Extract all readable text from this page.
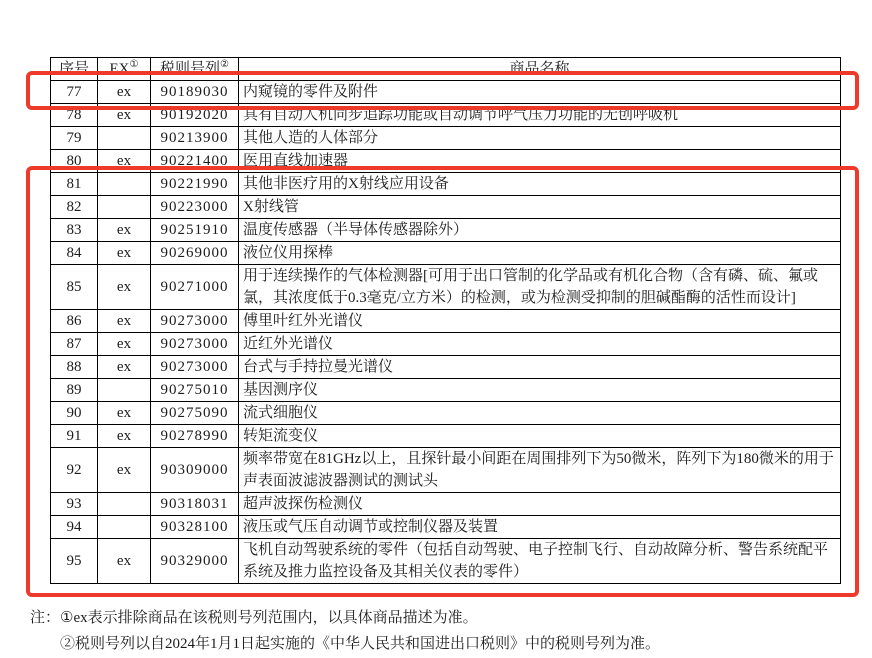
序号	EX①	税则号列②	商品名称
77	ex	90189030	内窥镜的零件及附件
78	ex	90192020	具有自动人机同步追踪功能或自动调节呼气压力功能的无创呼吸机
79		90213900	其他人造的人体部分
80	ex	90221400	医用直线加速器
81		90221990	其他非医疗用的X射线应用设备
82		90223000	X射线管
83	ex	90251910	温度传感器（半导体传感器除外）
84	ex	90269000	液位仪用探棒
85	ex	90271000	用于连续操作的气体检测器[可用于出口管制的化学品或有机化合物（含有磷、硫、氟或氯，其浓度低于0.3毫克/立方米）的检测，或为检测受抑制的胆碱酯酶的活性而设计]
86	ex	90273000	傅里叶红外光谱仪
87	ex	90273000	近红外光谱仪
88	ex	90273000	台式与手持拉曼光谱仪
89		90275010	基因测序仪
90	ex	90275090	流式细胞仪
91	ex	90278990	转矩流变仪
92	ex	90309000	频率带宽在81GHz以上，且探针最小间距在周围排列下为50微米，阵列下为180微米的用于声表面波滤波器测试的测试头
93		90318031	超声波探伤检测仪
94		90328100	液压或气压自动调节或控制仪器及装置
95	ex	90329000	飞机自动驾驶系统的零件（包括自动驾驶、电子控制飞行、自动故障分析、警告系统配平系统及推力监控设备及其相关仪表的零件）
注： ①ex表示排除商品在该税则号列范围内，以具体商品描述为准。
②税则号列以自2024年1月1日起实施的《中华人民共和国进出口税则》中的税则号列为准。
